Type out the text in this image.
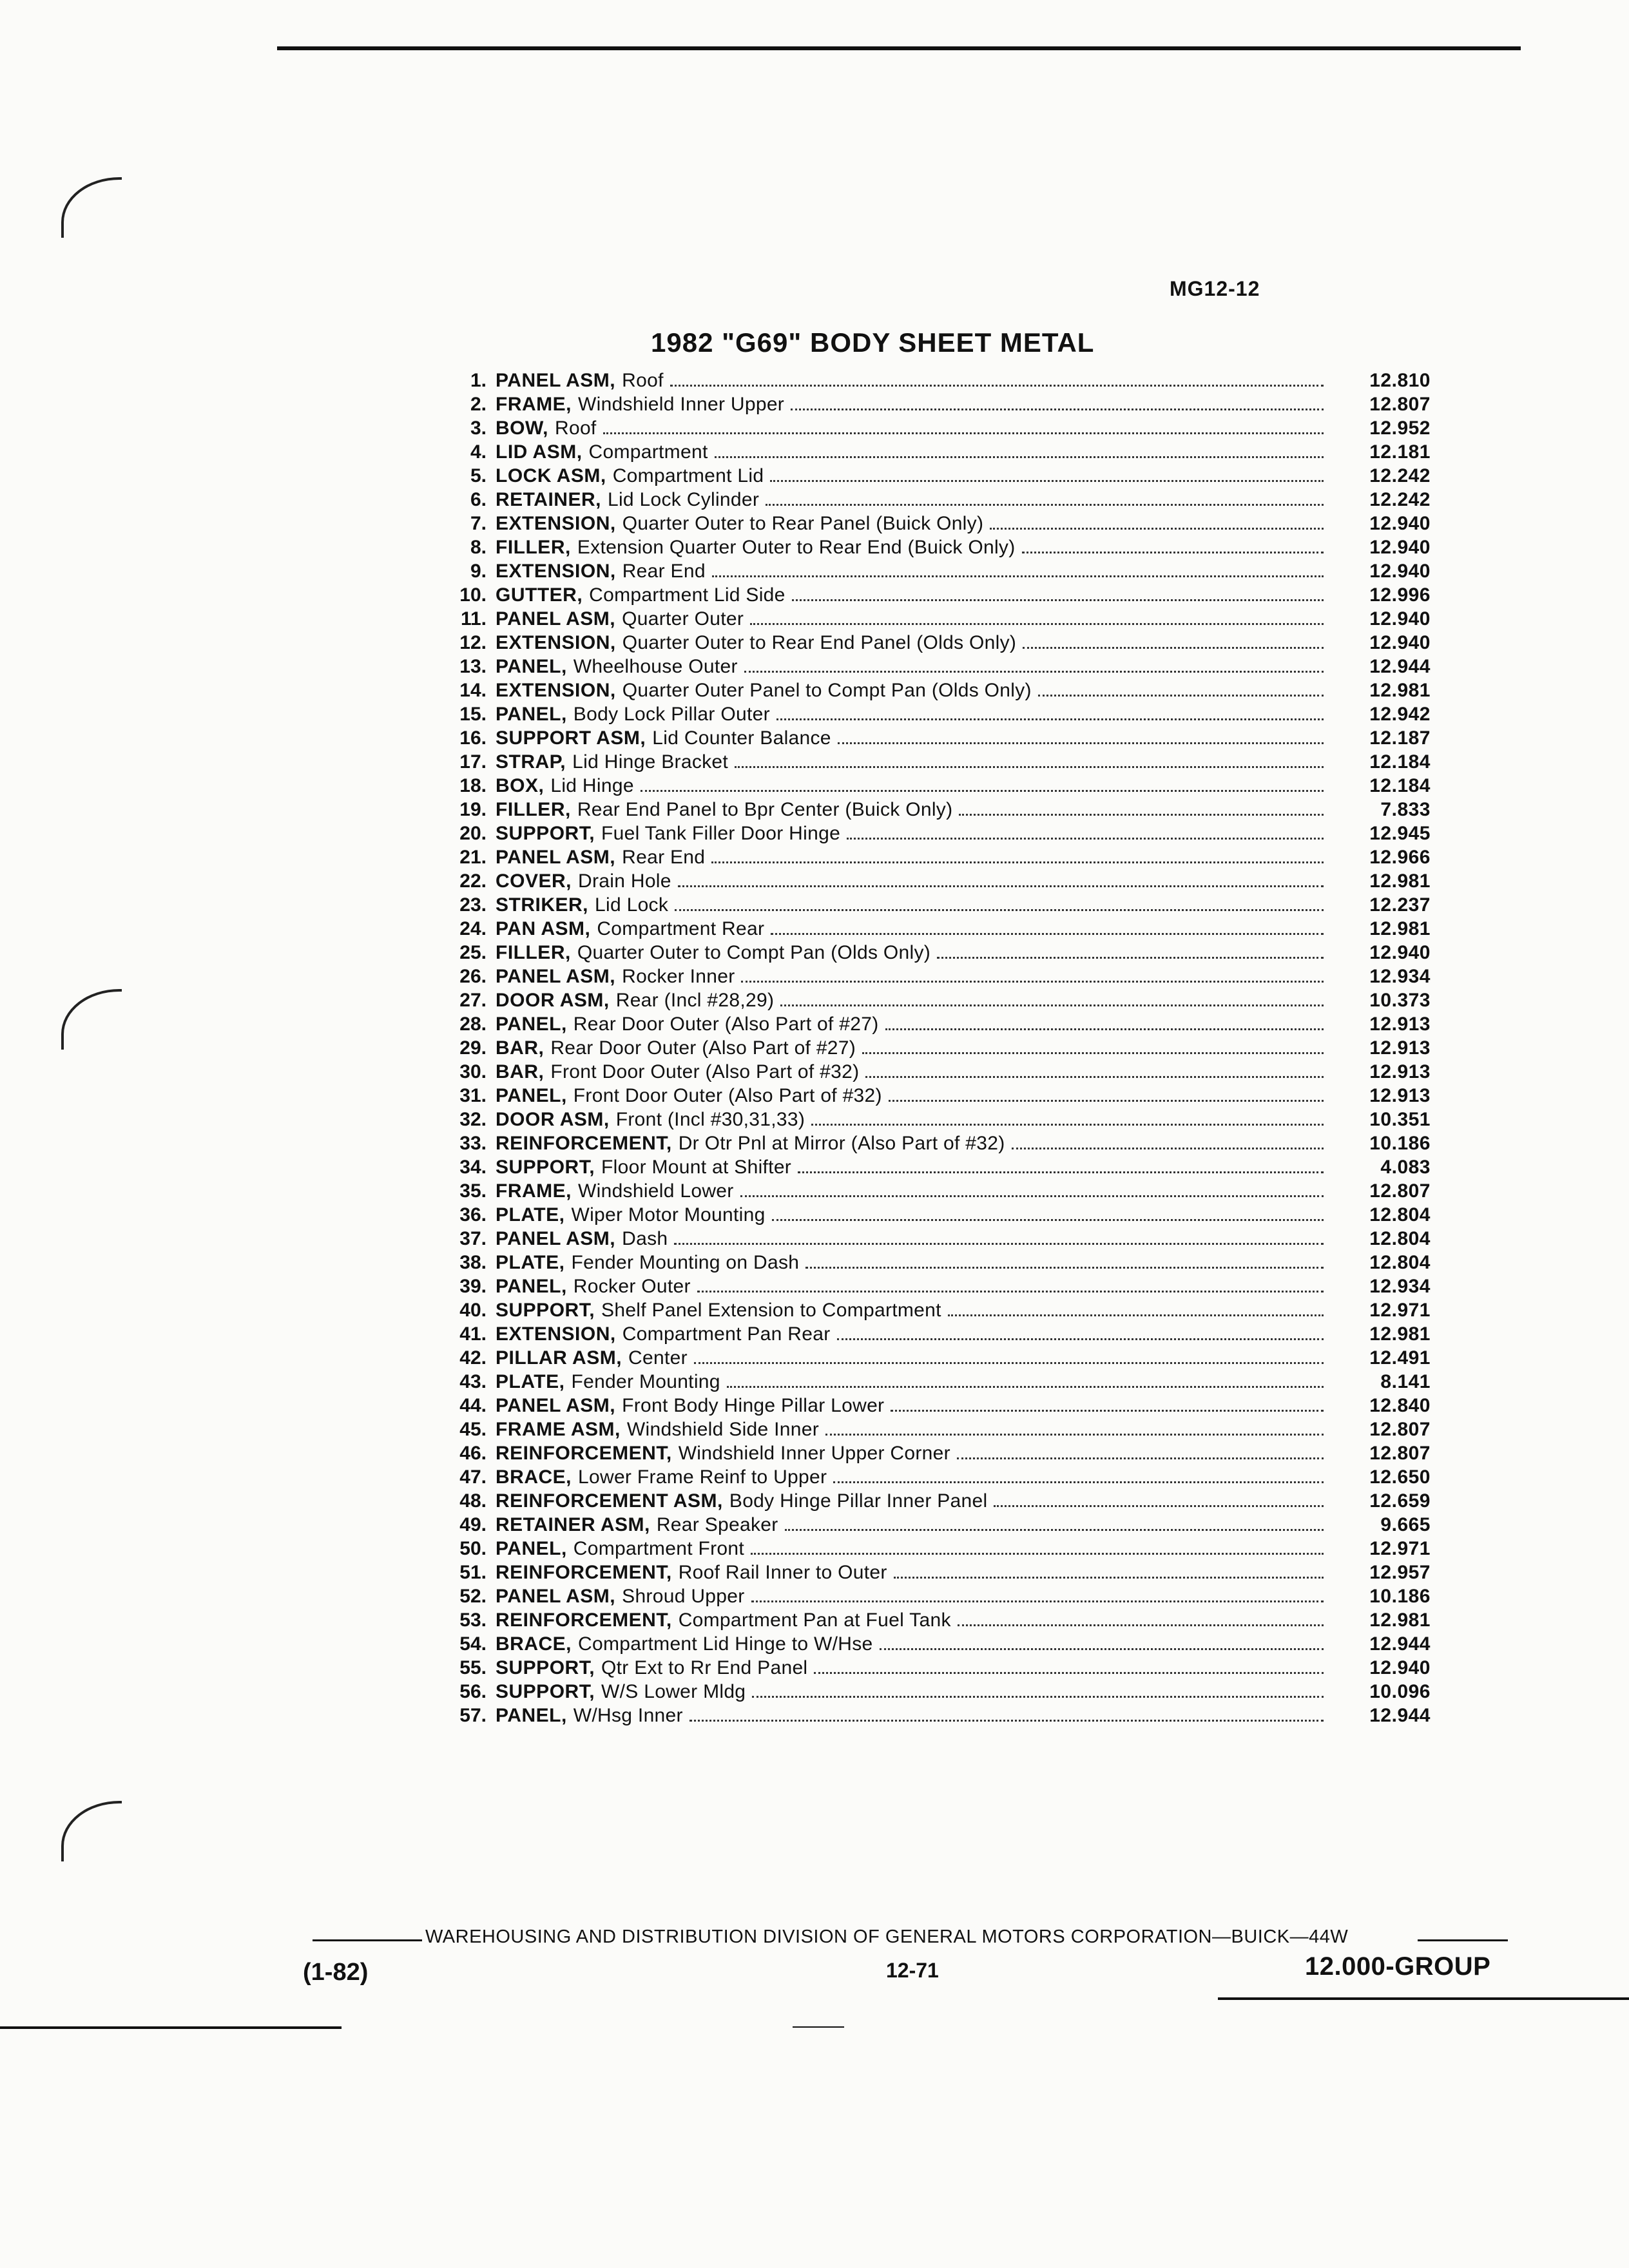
MG12-12
1982 "G69" BODY SHEET METAL
1. PANEL ASM, Roof	12.810
2. FRAME, Windshield Inner Upper	12.807
3. BOW, Roof	12.952
4. LID ASM, Compartment	12.181
5. LOCK ASM, Compartment Lid	12.242
6. RETAINER, Lid Lock Cylinder	12.242
7. EXTENSION, Quarter Outer to Rear Panel (Buick Only)	12.940
8. FILLER, Extension Quarter Outer to Rear End (Buick Only)	12.940
9. EXTENSION, Rear End	12.940
10. GUTTER, Compartment Lid Side	12.996
11. PANEL ASM, Quarter Outer	12.940
12. EXTENSION, Quarter Outer to Rear End Panel (Olds Only)	12.940
13. PANEL, Wheelhouse Outer	12.944
14. EXTENSION, Quarter Outer Panel to Compt Pan (Olds Only)	12.981
15. PANEL, Body Lock Pillar Outer	12.942
16. SUPPORT ASM, Lid Counter Balance	12.187
17. STRAP, Lid Hinge Bracket	12.184
18. BOX, Lid Hinge	12.184
19. FILLER, Rear End Panel to Bpr Center (Buick Only)	7.833
20. SUPPORT, Fuel Tank Filler Door Hinge	12.945
21. PANEL ASM, Rear End	12.966
22. COVER, Drain Hole	12.981
23. STRIKER, Lid Lock	12.237
24. PAN ASM, Compartment Rear	12.981
25. FILLER, Quarter Outer to Compt Pan (Olds Only)	12.940
26. PANEL ASM, Rocker Inner	12.934
27. DOOR ASM, Rear (Incl #28,29)	10.373
28. PANEL, Rear Door Outer (Also Part of #27)	12.913
29. BAR, Rear Door Outer (Also Part of #27)	12.913
30. BAR, Front Door Outer (Also Part of #32)	12.913
31. PANEL, Front Door Outer (Also Part of #32)	12.913
32. DOOR ASM, Front (Incl #30,31,33)	10.351
33. REINFORCEMENT, Dr Otr Pnl at Mirror (Also Part of #32)	10.186
34. SUPPORT, Floor Mount at Shifter	4.083
35. FRAME, Windshield Lower	12.807
36. PLATE, Wiper Motor Mounting	12.804
37. PANEL ASM, Dash	12.804
38. PLATE, Fender Mounting on Dash	12.804
39. PANEL, Rocker Outer	12.934
40. SUPPORT, Shelf Panel Extension to Compartment	12.971
41. EXTENSION, Compartment Pan Rear	12.981
42. PILLAR ASM, Center	12.491
43. PLATE, Fender Mounting	8.141
44. PANEL ASM, Front Body Hinge Pillar Lower	12.840
45. FRAME ASM, Windshield Side Inner	12.807
46. REINFORCEMENT, Windshield Inner Upper Corner	12.807
47. BRACE, Lower Frame Reinf to Upper	12.650
48. REINFORCEMENT ASM, Body Hinge Pillar Inner Panel	12.659
49. RETAINER ASM, Rear Speaker	9.665
50. PANEL, Compartment Front	12.971
51. REINFORCEMENT, Roof Rail Inner to Outer	12.957
52. PANEL ASM, Shroud Upper	10.186
53. REINFORCEMENT, Compartment Pan at Fuel Tank	12.981
54. BRACE, Compartment Lid Hinge to W/Hse	12.944
55. SUPPORT, Qtr Ext to Rr End Panel	12.940
56. SUPPORT, W/S Lower Mldg	10.096
57. PANEL, W/Hsg Inner	12.944
WAREHOUSING AND DISTRIBUTION DIVISION OF GENERAL MOTORS CORPORATION—BUICK—44W
(1-82)	12-71	12.000-GROUP
